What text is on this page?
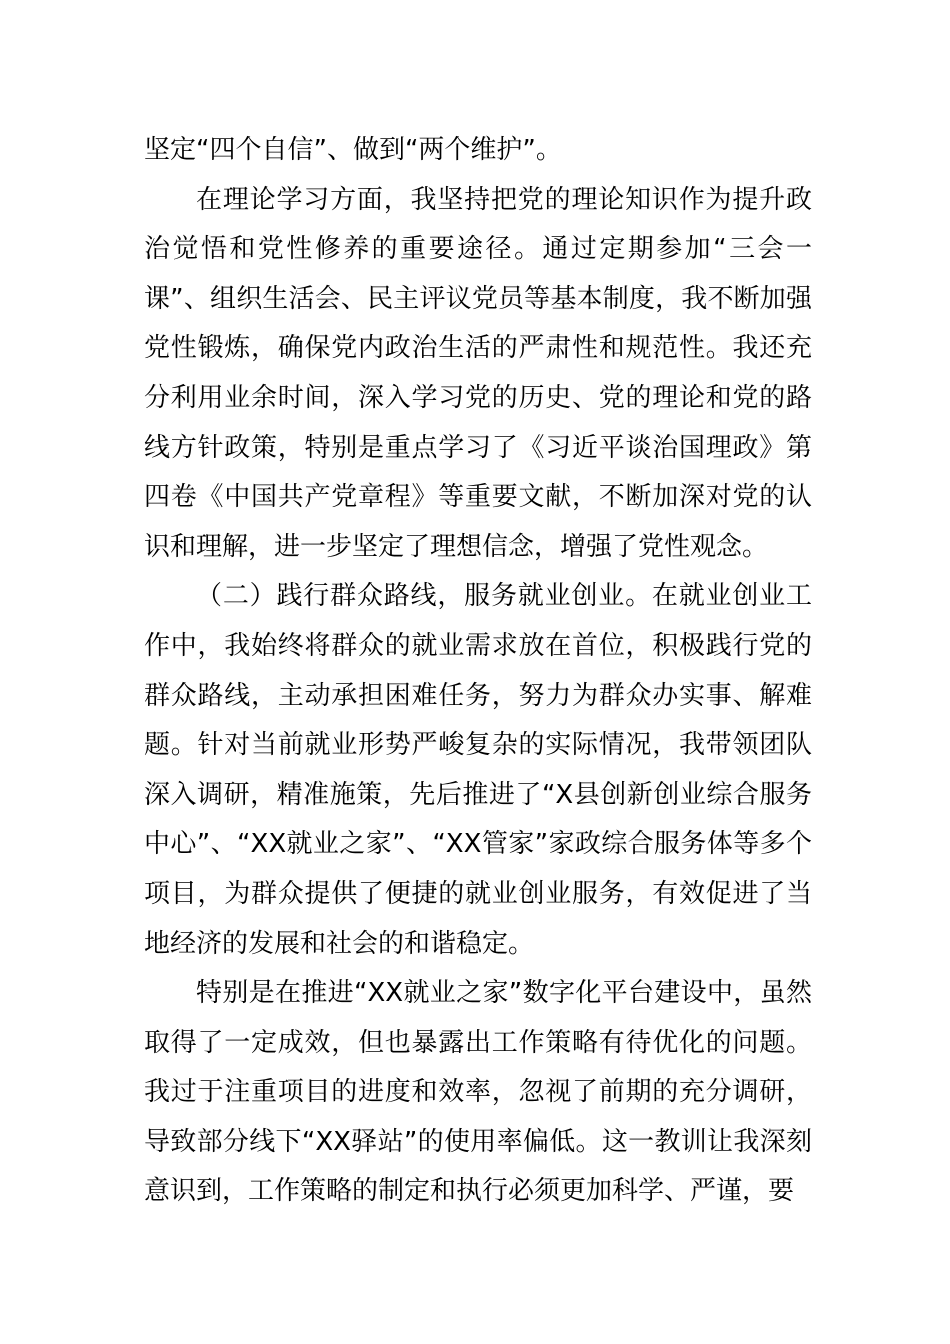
坚定“四个自信”、做到“两个维护”。

在理论学习方面，我坚持把党的理论知识作为提升政治觉悟和党性修养的重要途径。通过定期参加“三会一课”、组织生活会、民主评议党员等基本制度，我不断加强党性锻炼，确保党内政治生活的严肃性和规范性。我还充分利用业余时间，深入学习党的历史、党的理论和党的路线方针政策，特别是重点学习了《习近平谈治国理政》第四卷《中国共产党章程》等重要文献，不断加深对党的认识和理解，进一步坚定了理想信念，增强了党性观念。

（二）践行群众路线，服务就业创业。在就业创业工作中，我始终将群众的就业需求放在首位，积极践行党的群众路线，主动承担困难任务，努力为群众办实事、解难题。针对当前就业形势严峻复杂的实际情况，我带领团队深入调研，精准施策，先后推进了“X县创新创业综合服务中心”、“XX就业之家”、“XX管家”家政综合服务体等多个项目，为群众提供了便捷的就业创业服务，有效促进了当地经济的发展和社会的和谐稳定。

特别是在推进“XX就业之家”数字化平台建设中，虽然取得了一定成效，但也暴露出工作策略有待优化的问题。我过于注重项目的进度和效率，忽视了前期的充分调研，导致部分线下“XX驿站”的使用率偏低。这一教训让我深刻意识到，工作策略的制定和执行必须更加科学、严谨，要
